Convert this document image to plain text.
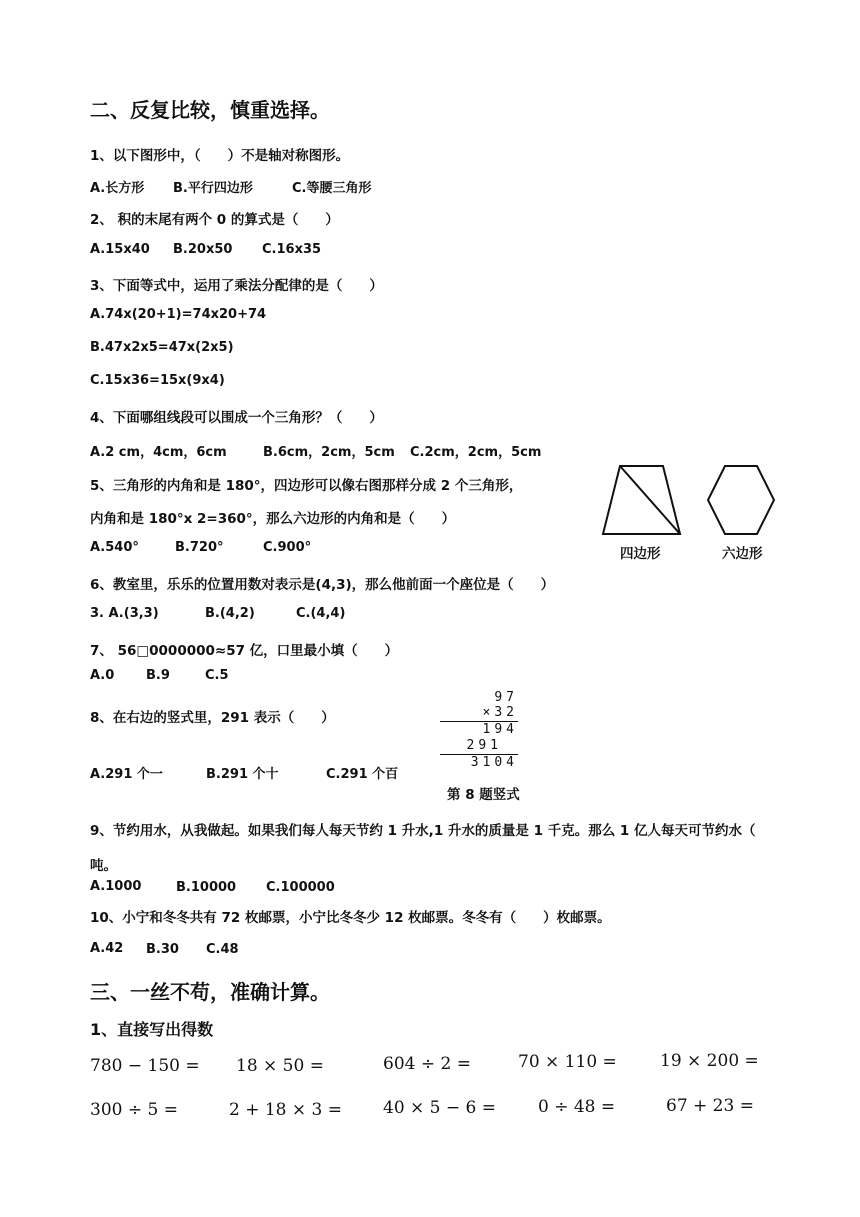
二、反复比较，慎重选择。
1、以下图形中，（　　）不是轴对称图形。
A.长方形 B.平行四边形	C.等腰三角形
2、 积的末尾有两个 0 的算式是（　　）
A.15x40 B.20x50 C.16x35
3、下面等式中，运用了乘法分配律的是（　　）
A.74x(20+1)=74x20+74
B.47x2x5=47x(2x5)
C.15x36=15x(9x4)
4、下面哪组线段可以围成一个三角形？（　　）
A.2 cm，4cm，6cm	B.6cm，2cm，5cm C.2cm，2cm，5cm
5、三角形的内角和是 180°，四边形可以像右图那样分成 2 个三角形，
内角和是 180°x 2=360°，那么六边形的内角和是（　　）
A.540°	B.720°	C.900°	四边形	六边形
6、教室里，乐乐的位置用数对表示是(4,3)，那么他前面一个座位是（　　）
3. A.(3,3)	B.(4,2)	C.(4,4)
7、 56□0000000≈57 亿，口里最小填（　　）
A.0 B.9	C.5
8、在右边的竖式里，291 表示（　　）
A.291 个一	B.291 个十	C.291 个百
97
×32
194
291
3104
第 8 题竖式
9、节约用水，从我做起。如果我们每人每天节约 1 升水,1 升水的质量是 1 千克。那么 1 亿人每天可节约水（
吨。
A.1000	B.10000 C.100000
10、小宁和冬冬共有 72 枚邮票，小宁比冬冬少 12 枚邮票。冬冬有（　　）枚邮票。
A.42 B.30 C.48
三、一丝不苟，准确计算。
1、直接写出得数
780 − 150 = 18 × 50 =	604 ÷ 2 =	70 × 110 =	19 × 200 =
300 ÷ 5 =	2 + 18 × 3 = 40 × 5 − 6 = 0 ÷ 48 =	67 + 23 =
